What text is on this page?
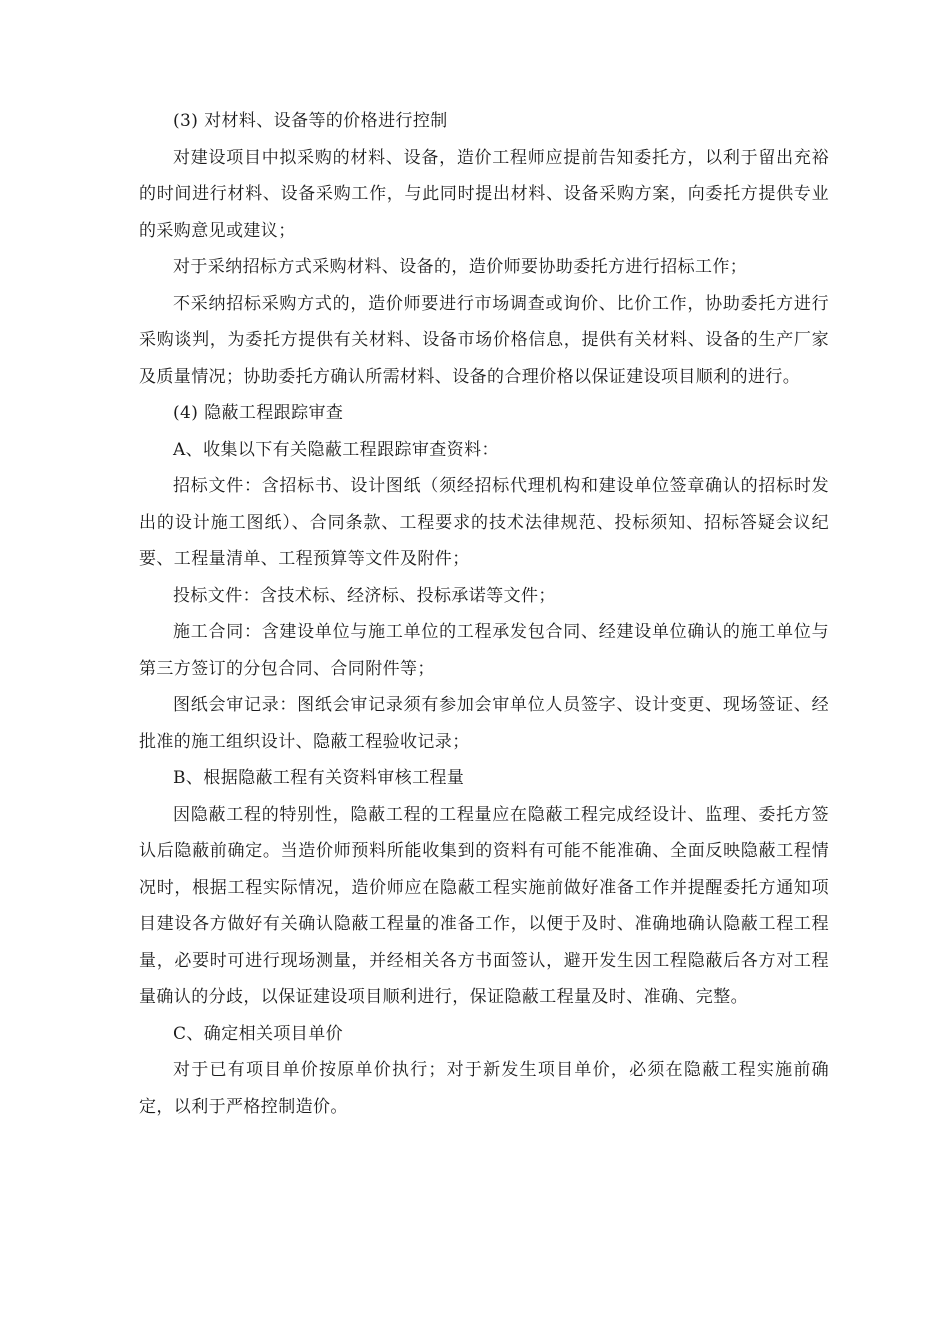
(3) 对材料、设备等的价格进行控制

对建设项目中拟采购的材料、设备，造价工程师应提前告知委托方，以利于留出充裕的时间进行材料、设备采购工作，与此同时提出材料、设备采购方案，向委托方提供专业的采购意见或建议；

对于采纳招标方式采购材料、设备的，造价师要协助委托方进行招标工作；

不采纳招标采购方式的，造价师要进行市场调查或询价、比价工作，协助委托方进行采购谈判，为委托方提供有关材料、设备市场价格信息，提供有关材料、设备的生产厂家及质量情况；协助委托方确认所需材料、设备的合理价格以保证建设项目顺利的进行。

(4) 隐蔽工程跟踪审查

A、收集以下有关隐蔽工程跟踪审查资料：

招标文件：含招标书、设计图纸（须经招标代理机构和建设单位签章确认的招标时发出的设计施工图纸）、合同条款、工程要求的技术法律规范、投标须知、招标答疑会议纪要、工程量清单、工程预算等文件及附件；

投标文件：含技术标、经济标、投标承诺等文件；

施工合同：含建设单位与施工单位的工程承发包合同、经建设单位确认的施工单位与第三方签订的分包合同、合同附件等；

图纸会审记录：图纸会审记录须有参加会审单位人员签字、设计变更、现场签证、经批准的施工组织设计、隐蔽工程验收记录；

B、根据隐蔽工程有关资料审核工程量

因隐蔽工程的特别性，隐蔽工程的工程量应在隐蔽工程完成经设计、监理、委托方签认后隐蔽前确定。当造价师预料所能收集到的资料有可能不能准确、全面反映隐蔽工程情况时，根据工程实际情况，造价师应在隐蔽工程实施前做好准备工作并提醒委托方通知项目建设各方做好有关确认隐蔽工程量的准备工作，以便于及时、准确地确认隐蔽工程工程量，必要时可进行现场测量，并经相关各方书面签认，避开发生因工程隐蔽后各方对工程量确认的分歧，以保证建设项目顺利进行，保证隐蔽工程量及时、准确、完整。

C、确定相关项目单价

对于已有项目单价按原单价执行；对于新发生项目单价，必须在隐蔽工程实施前确定，以利于严格控制造价。
